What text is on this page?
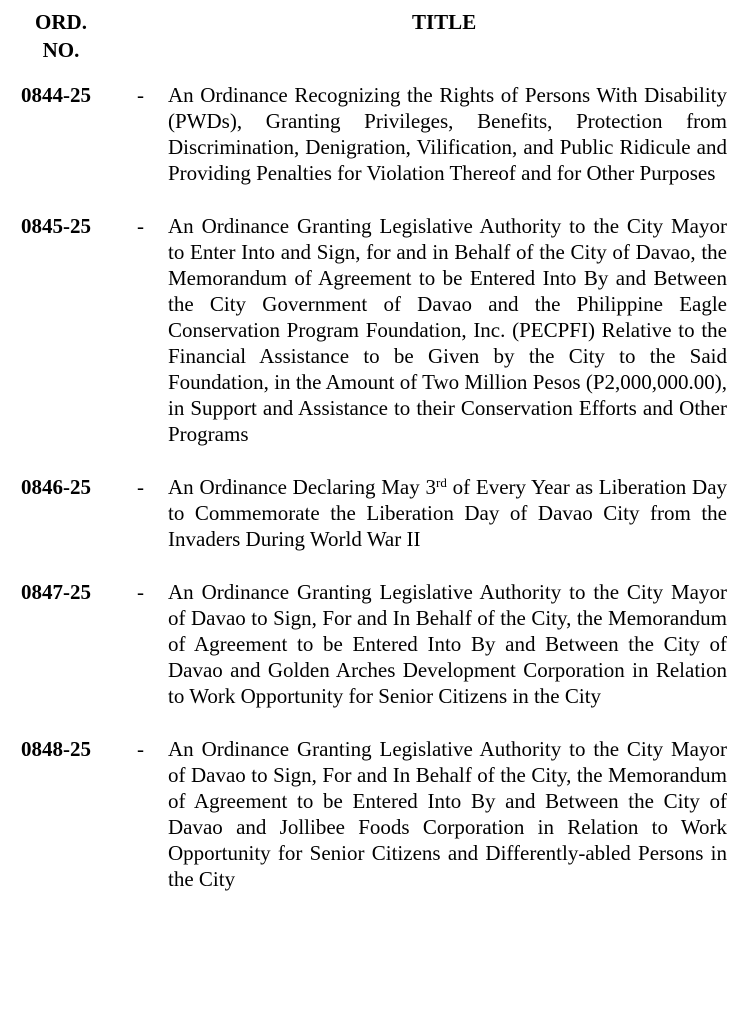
ORD.
NO.
TITLE
0844-25 - An Ordinance Recognizing the Rights of Persons With Disability (PWDs), Granting Privileges, Benefits, Protection from Discrimination, Denigration, Vilification, and Public Ridicule and Providing Penalties for Violation Thereof and for Other Purposes
0845-25 - An Ordinance Granting Legislative Authority to the City Mayor to Enter Into and Sign, for and in Behalf of the City of Davao, the Memorandum of Agreement to be Entered Into By and Between the City Government of Davao and the Philippine Eagle Conservation Program Foundation, Inc. (PECPFI) Relative to the Financial Assistance to be Given by the City to the Said Foundation, in the Amount of Two Million Pesos (P2,000,000.00), in Support and Assistance to their Conservation Efforts and Other Programs
0846-25 - An Ordinance Declaring May 3rd of Every Year as Liberation Day to Commemorate the Liberation Day of Davao City from the Invaders During World War II
0847-25 - An Ordinance Granting Legislative Authority to the City Mayor of Davao to Sign, For and In Behalf of the City, the Memorandum of Agreement to be Entered Into By and Between the City of Davao and Golden Arches Development Corporation in Relation to Work Opportunity for Senior Citizens in the City
0848-25 - An Ordinance Granting Legislative Authority to the City Mayor of Davao to Sign, For and In Behalf of the City, the Memorandum of Agreement to be Entered Into By and Between the City of Davao and Jollibee Foods Corporation in Relation to Work Opportunity for Senior Citizens and Differently-abled Persons in the City
